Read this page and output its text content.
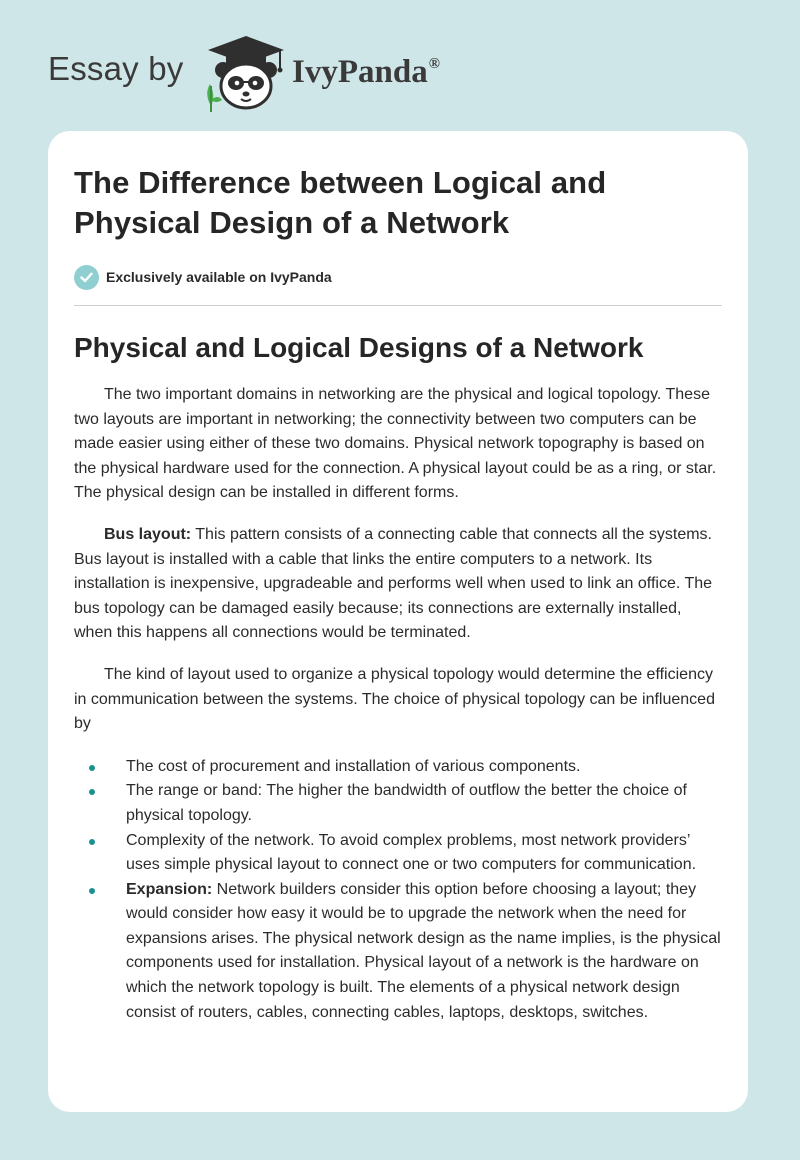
Essay by	IvyPanda®
The Difference between Logical and Physical Design of a Network
Exclusively available on IvyPanda
Physical and Logical Designs of a Network

The two important domains in networking are the physical and logical topology. These two layouts are important in networking; the connectivity between two computers can be made easier using either of these two domains. Physical network topography is based on the physical hardware used for the connection. A physical layout could be as a ring, or star. The physical design can be installed in different forms.

Bus layout: This pattern consists of a connecting cable that connects all the systems. Bus layout is installed with a cable that links the entire computers to a network. Its installation is inexpensive, upgradeable and performs well when used to link an office. The bus topology can be damaged easily because; its connections are externally installed, when this happens all connections would be terminated.

The kind of layout used to organize a physical topology would determine the efficiency in communication between the systems. The choice of physical topology can be influenced by

The cost of procurement and installation of various components.
The range or band: The higher the bandwidth of outflow the better the choice of physical topology.
Complexity of the network. To avoid complex problems, most network providers’ uses simple physical layout to connect one or two computers for communication.
Expansion: Network builders consider this option before choosing a layout; they would consider how easy it would be to upgrade the network when the need for expansions arises. The physical network design as the name implies, is the physical components used for installation. Physical layout of a network is the hardware on which the network topology is built. The elements of a physical network design consist of routers, cables, connecting cables, laptops, desktops, switches.
